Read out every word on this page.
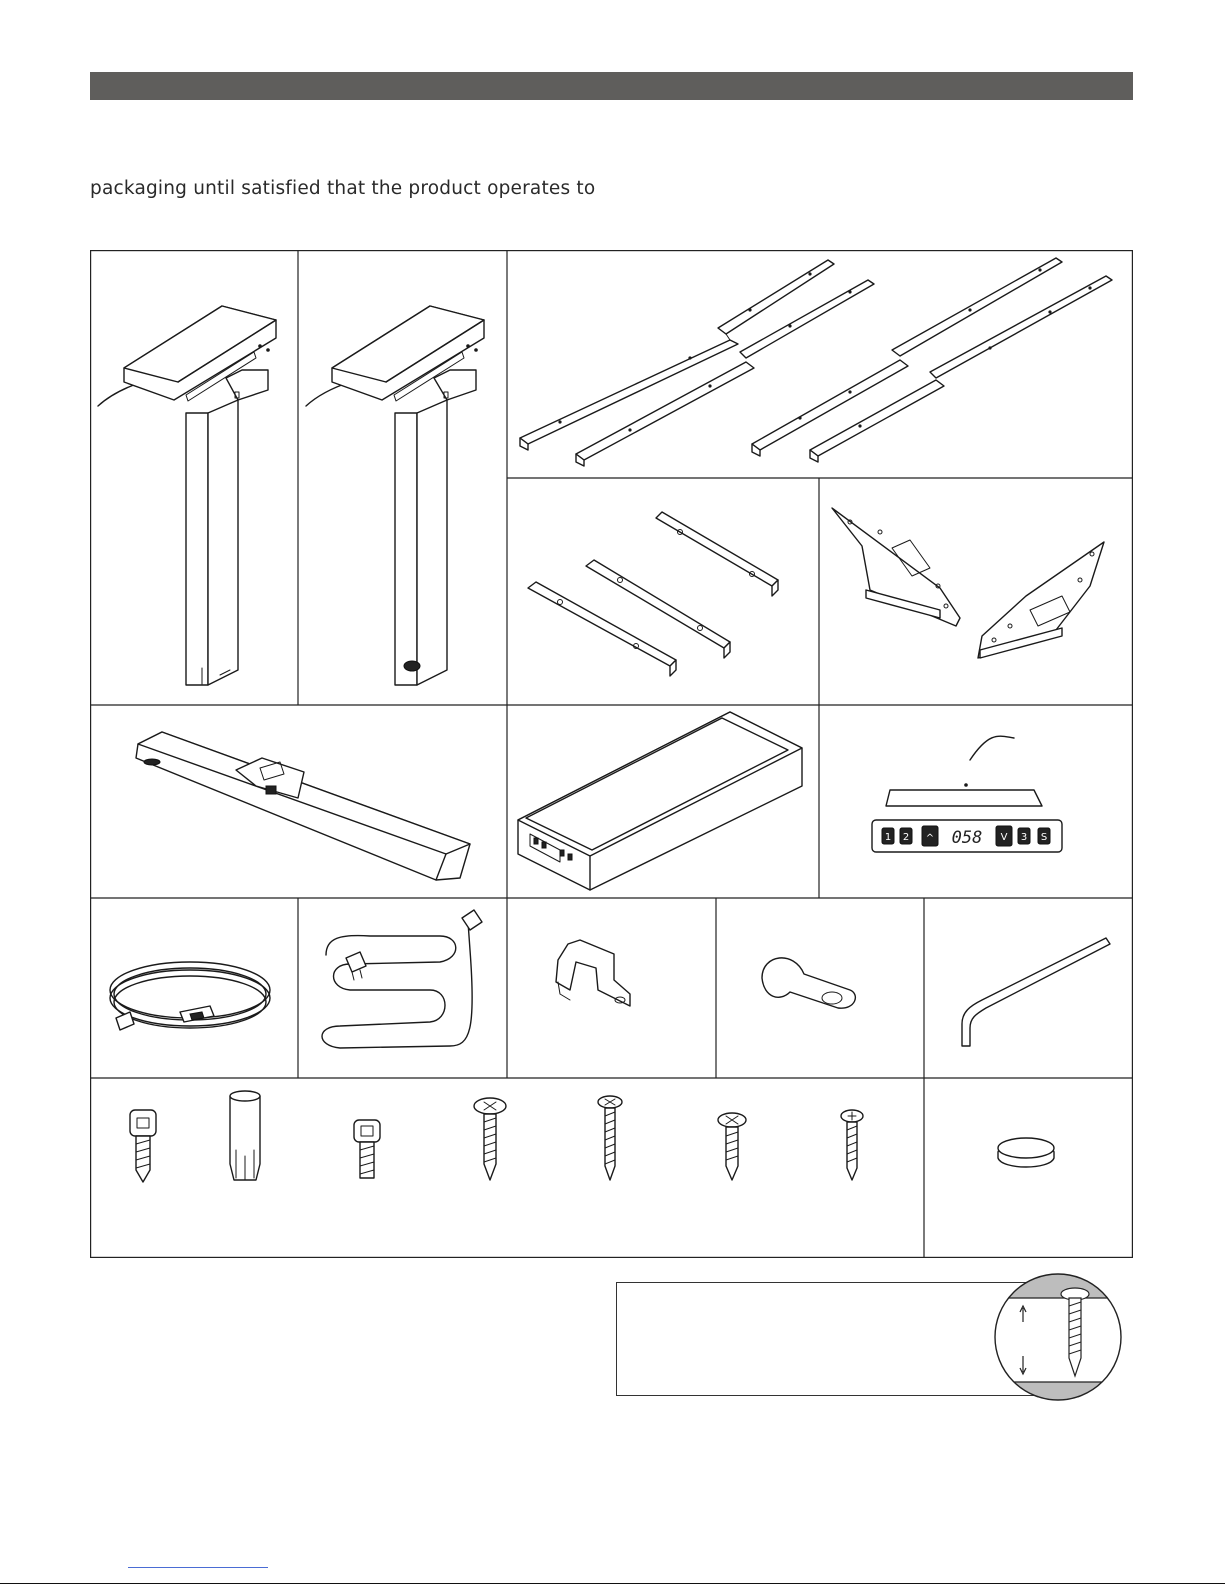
packaging until satisfied that the product operates to
1 2 ^	V 3 S
058
